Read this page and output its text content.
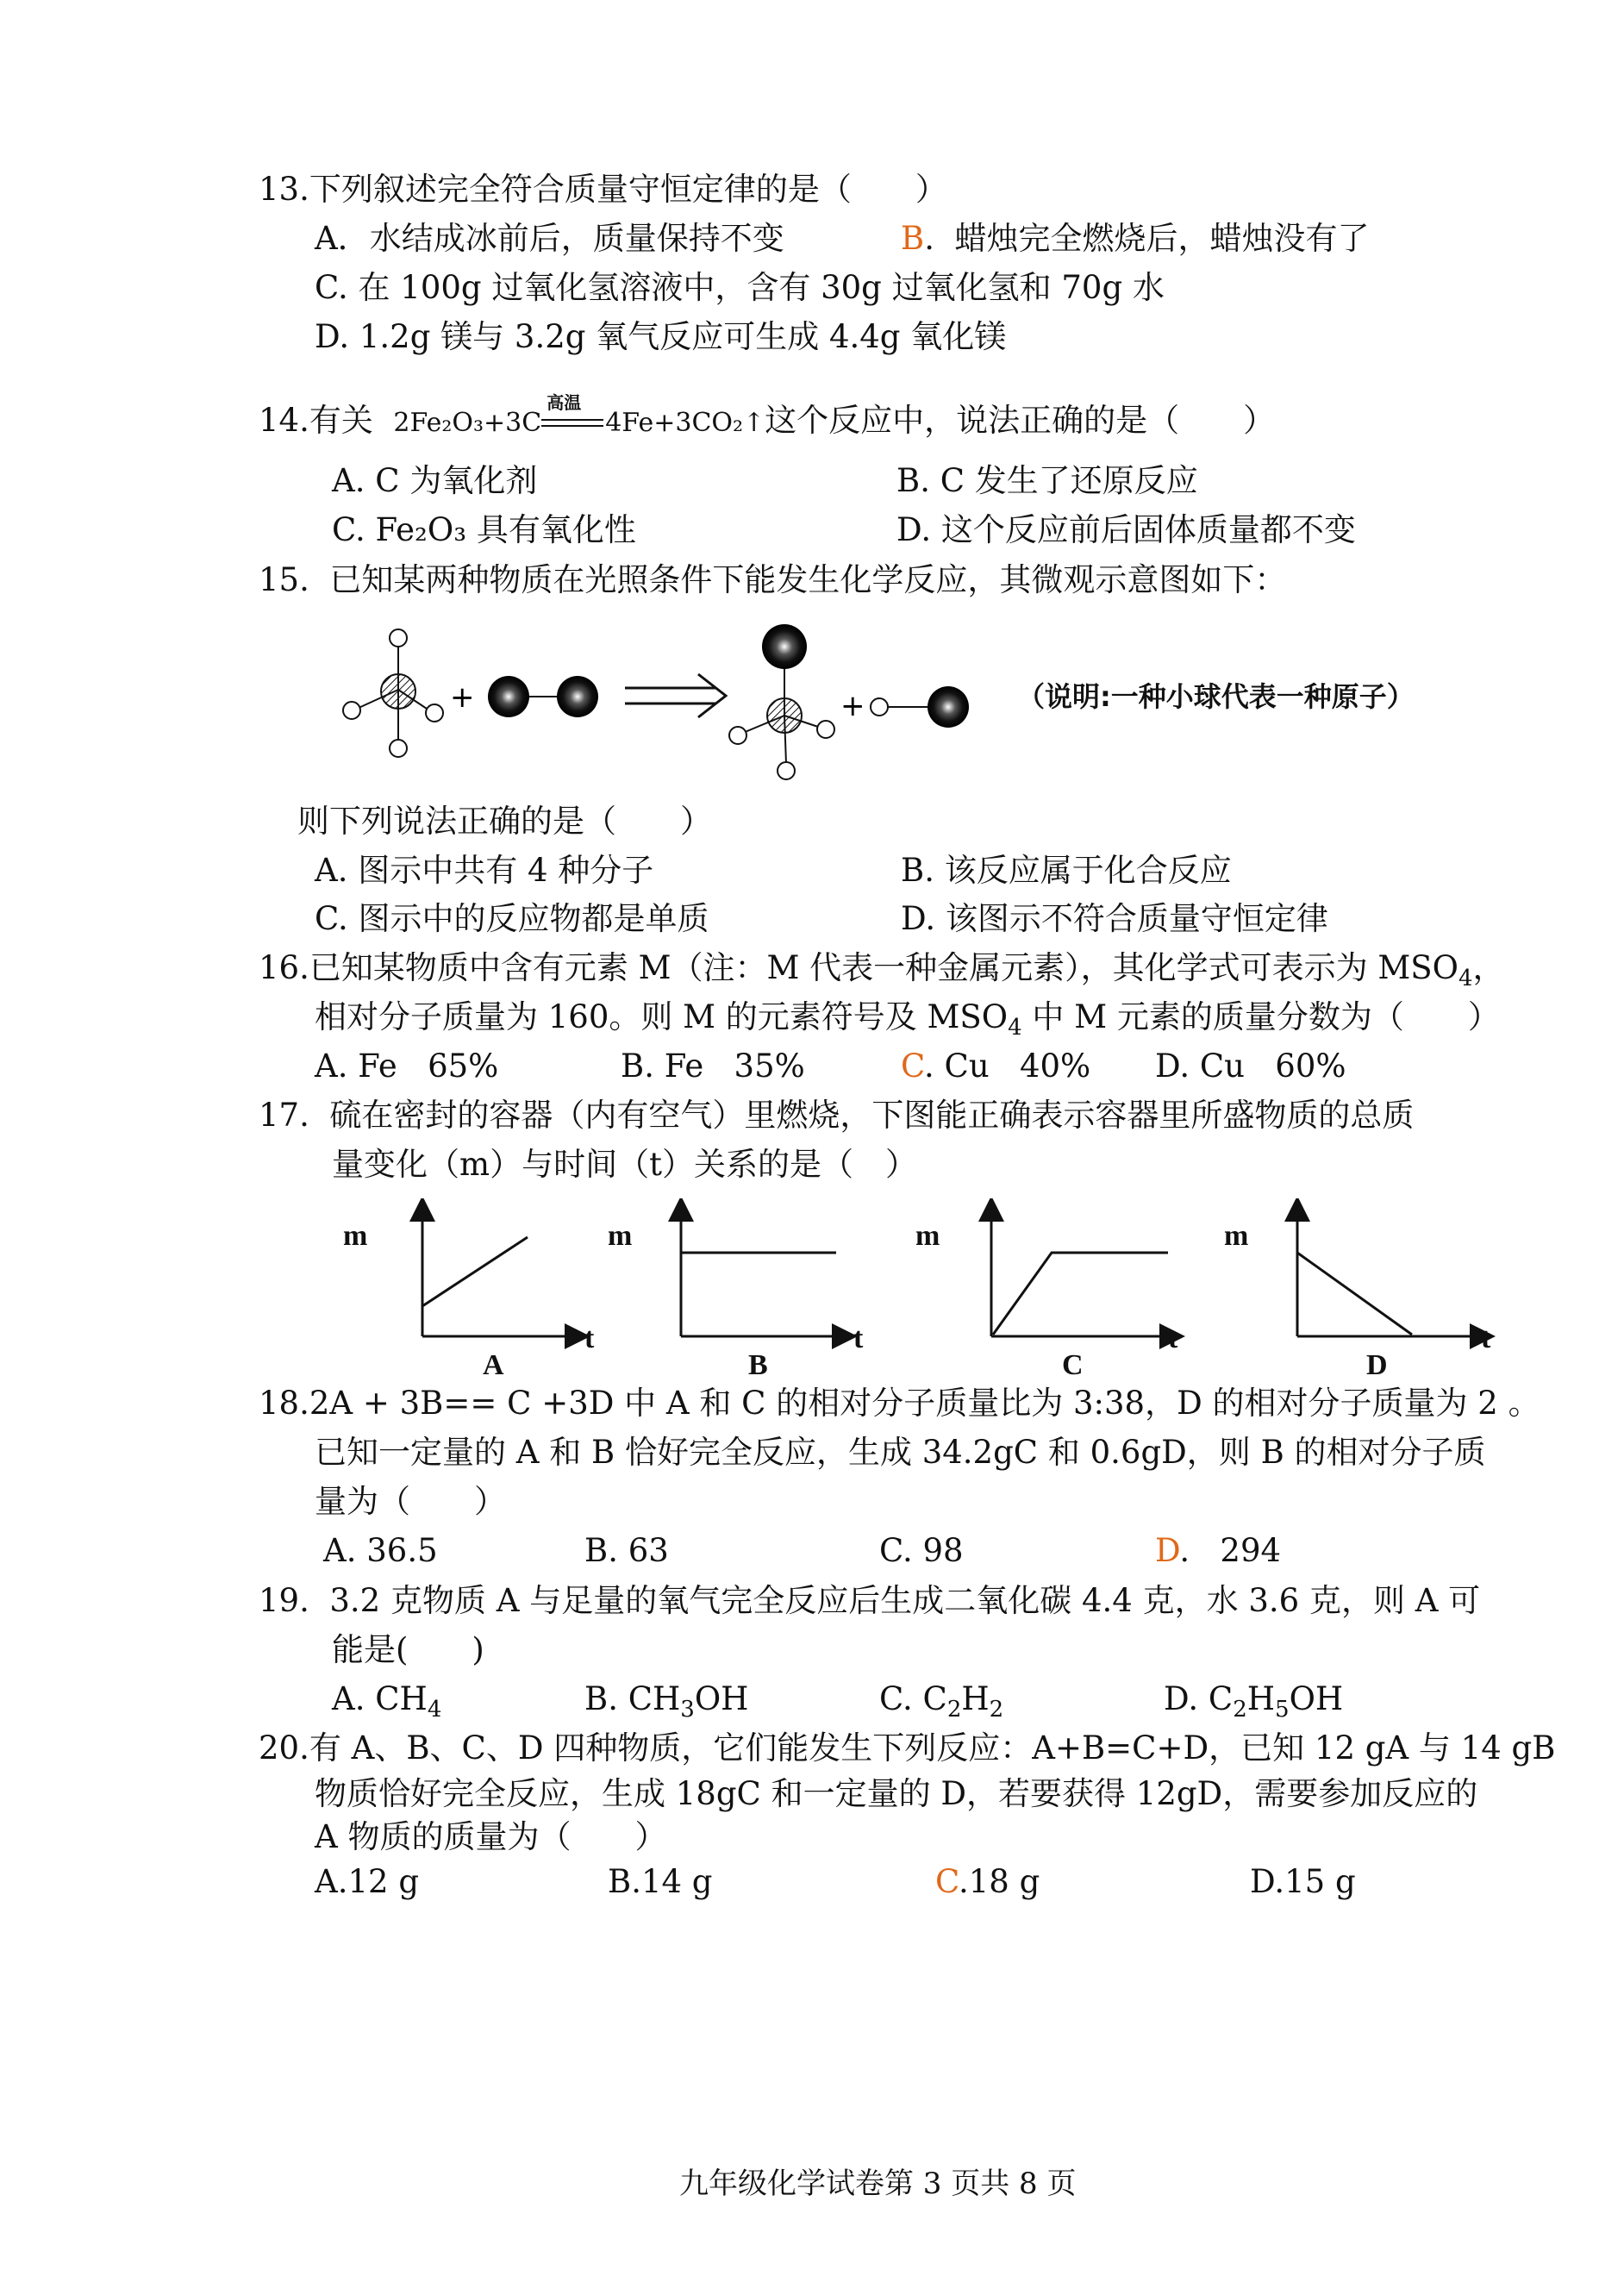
13.下列叙述完全符合质量守恒定律的是（　　）
A．水结成冰前后，质量保持不变	B.  蜡烛完全燃烧后，蜡烛没有了
C. 在 100g 过氧化氢溶液中，含有 30g 过氧化氢和 70g 水
D. 1.2g 镁与 3.2g 氧气反应可生成 4.4g 氧化镁
14.有关 2Fe₂O₃+3C
高温
4Fe+3CO₂↑这个反应中，说法正确的是（　　）
A. C 为氧化剂	B. C 发生了还原反应
C. Fe₂O₃ 具有氧化性	D. 这个反应前后固体质量都不变
15.  已知某两种物质在光照条件下能发生化学反应，其微观示意图如下：
+	+	（说明:一种小球代表一种原子）
则下列说法正确的是（　　）
A. 图示中共有 4 种分子	B. 该反应属于化合反应
C. 图示中的反应物都是单质	D. 该图示不符合质量守恒定律
16.已知某物质中含有元素 M（注：M 代表一种金属元素），其化学式可表示为 $MSO_4$，
相对分子质量为 160。则 M 的元素符号及 $MSO_4$ 中 M 元素的质量分数为（　　）
A. Fe   65%	B. Fe   35%	C. Cu   40% D. Cu   60%
17.  硫在密封的容器（内有空气）里燃烧，下图能正确表示容器里所盛物质的总质
量变化（m）与时间（t）关系的是（　）
m
t
A
m
t
B
m
t
C
m
t
D
18.2A + 3B== C +3D 中 A 和 C 的相对分子质量比为 3:38，D 的相对分子质量为 2 。
已知一定量的 A 和 B 恰好完全反应，生成 34.2gC 和 0.6gD，则 B 的相对分子质
量为（　　）
A. 36.5	B. 63	C. 98	D.   294
19.  3.2 克物质 A 与足量的氧气完全反应后生成二氧化碳 4.4 克，水 3.6 克，则 A 可
能是(　　)
A. $CH_4$	B. $CH_3OH$	C. $C_2H_2$	D. $C_2H_5OH$
20.有 A、B、C、D 四种物质，它们能发生下列反应：A+B=C+D，已知 12 gA 与 14 gB
物质恰好完全反应，生成 18gC 和一定量的 D，若要获得 12gD，需要参加反应的
A 物质的质量为（　　）
A.12 g	B.14 g	C.18 g	D.15 g
九年级化学试卷第 3 页共 8 页
